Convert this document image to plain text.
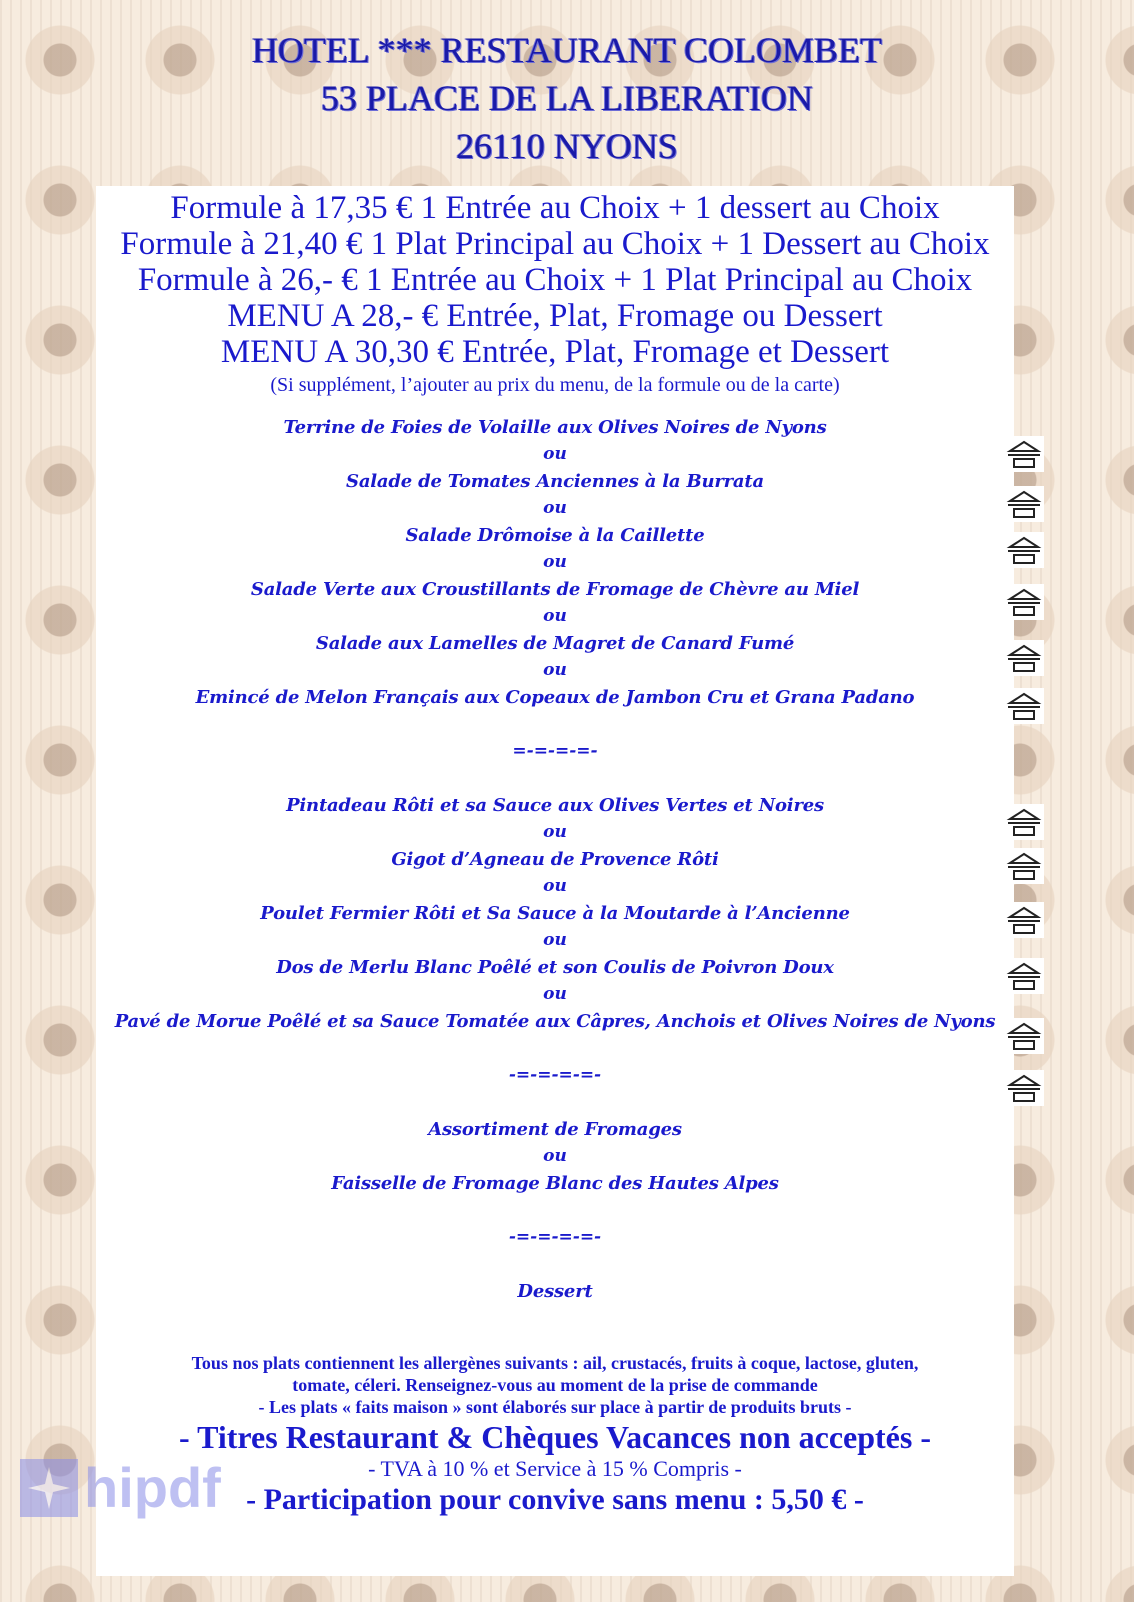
HOTEL *** RESTAURANT COLOMBET
53 PLACE DE LA LIBERATION
26110 NYONS
Formule à 17,35 € 1 Entrée au Choix + 1 dessert au Choix
Formule à 21,40 € 1 Plat Principal au Choix + 1 Dessert au Choix
Formule à 26,- € 1 Entrée au Choix + 1 Plat Principal au Choix
MENU A 28,- € Entrée, Plat, Fromage ou Dessert
MENU A 30,30 € Entrée, Plat, Fromage et Dessert
(Si supplément, l’ajouter au prix du menu, de la formule ou de la carte)
Terrine de Foies de Volaille aux Olives Noires de Nyons
ou
Salade de Tomates Anciennes à la Burrata
ou
Salade Drômoise à la Caillette
ou
Salade Verte aux Croustillants de Fromage de Chèvre au Miel
ou
Salade aux Lamelles de Magret de Canard Fumé
ou
Emincé de Melon Français aux Copeaux de Jambon Cru et Grana Padano
=-=-=-=-
Pintadeau Rôti et sa Sauce aux Olives Vertes et Noires
ou
Gigot d’Agneau de Provence Rôti
ou
Poulet Fermier Rôti et Sa Sauce à la Moutarde à l’Ancienne
ou
Dos de Merlu Blanc Poêlé et son Coulis de Poivron Doux
ou
Pavé de Morue Poêlé et sa Sauce Tomatée aux Câpres, Anchois et Olives Noires de Nyons
-=-=-=-=-
Assortiment de Fromages
ou
Faisselle de Fromage Blanc des Hautes Alpes
-=-=-=-=-
Dessert
Tous nos plats contiennent les allergènes suivants : ail, crustacés, fruits à coque, lactose, gluten,
tomate, céleri. Renseignez-vous au moment de la prise de commande
- Les plats « faits maison » sont élaborés sur place à partir de produits bruts -
- Titres Restaurant & Chèques Vacances non acceptés -
- TVA à 10 % et Service à 15 % Compris -
- Participation pour convive sans menu : 5,50 € -
hipdf
